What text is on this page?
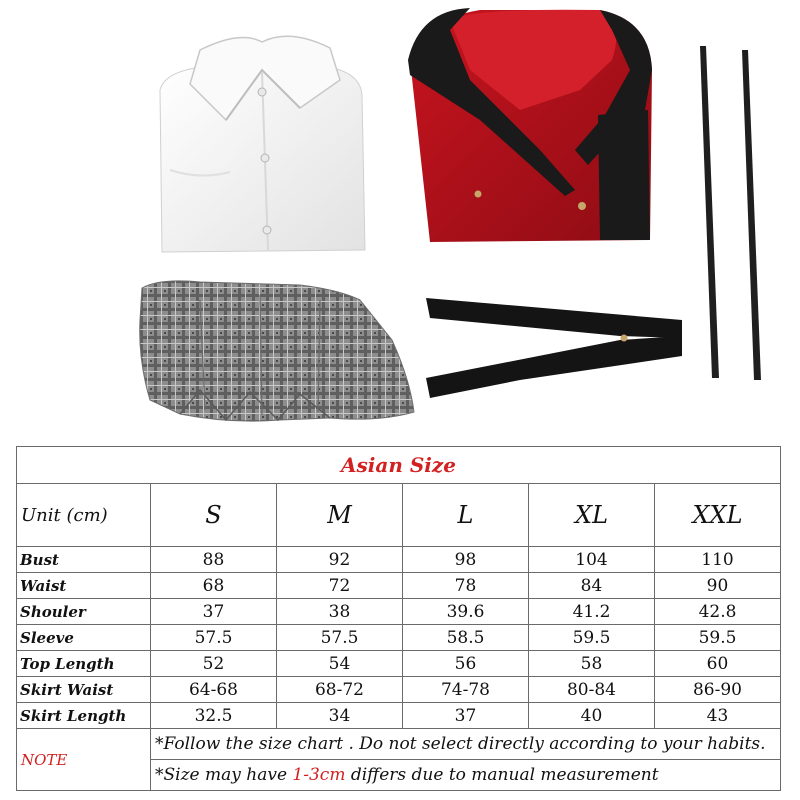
Asian Size					
Unit (cm)	S	M	L	XL	XXL
Bust	88	92	98	104	110
Waist	68	72	78	84	90
Shouler	37	38	39.6	41.2	42.8
Sleeve	57.5	57.5	58.5	59.5	59.5
Top Length	52	54	56	58	60
Skirt Waist	64-68	68-72	74-78	80-84	86-90
Skirt Length	32.5	34	37	40	43
NOTE	*Follow the size chart . Do not select directly according to your habits.				
	*Size may have 1-3cm differs due to manual measurement				
